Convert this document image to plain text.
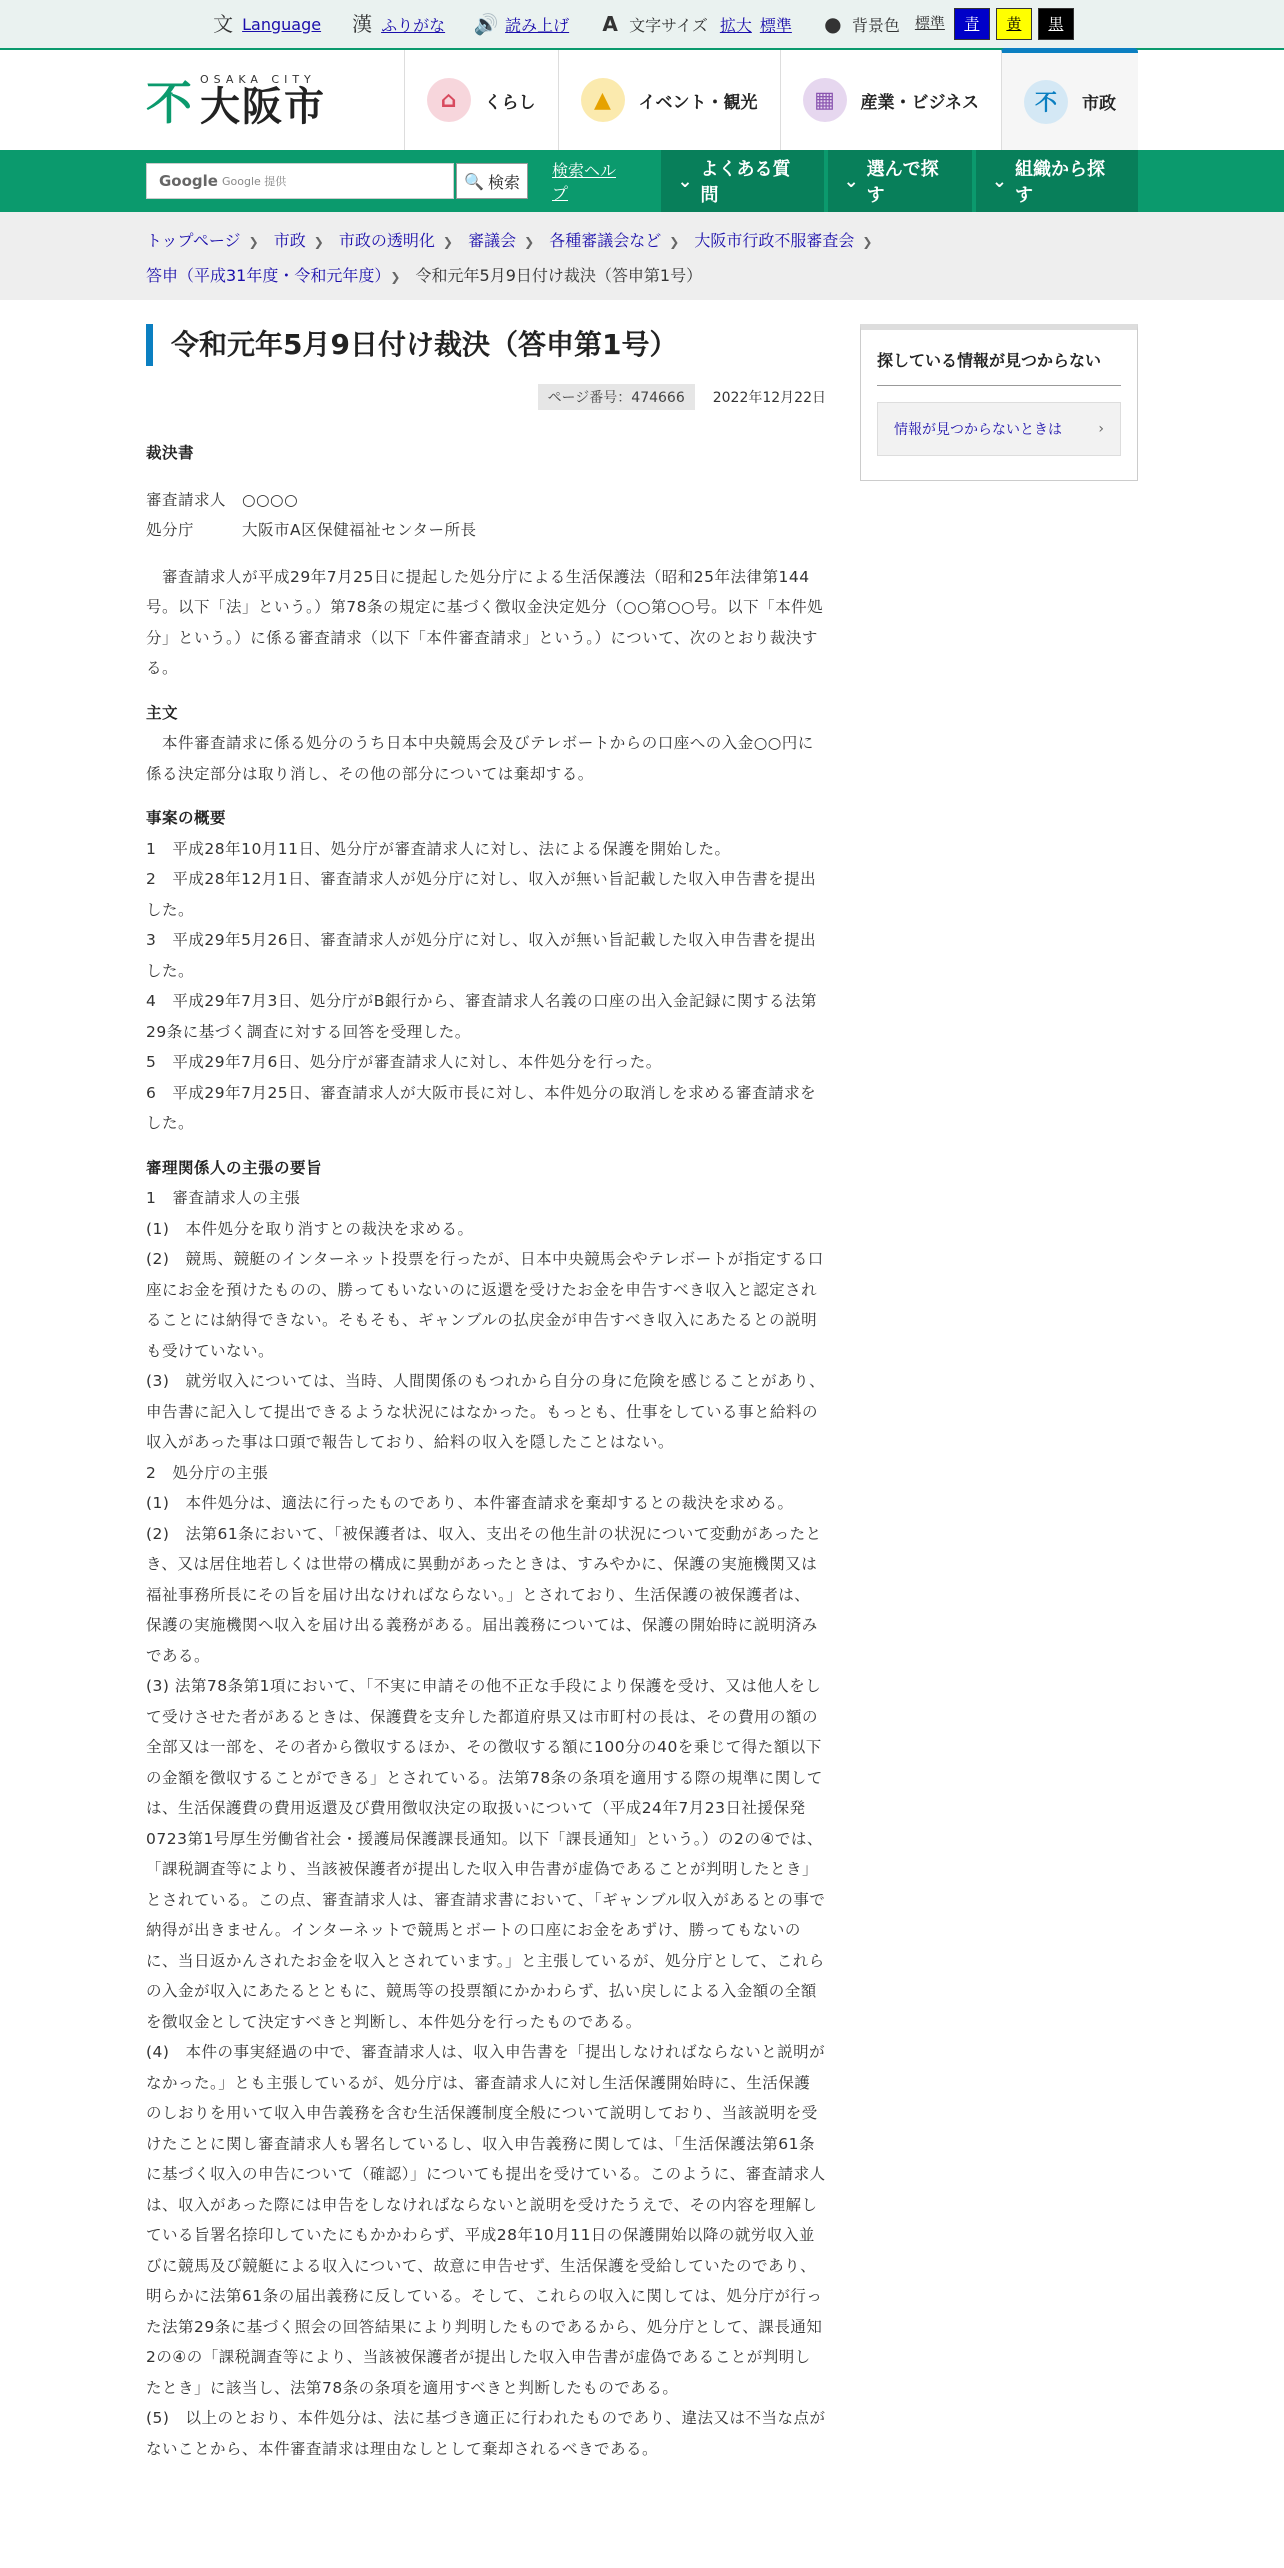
文 Language 漢 ふりがな 🔊 読み上げ A 文字サイズ 拡大 標準 ● 背景色 標準	青	黄	黒
不 OSAKA CITY
大阪市	⌂	くらし	▲	イベント・観光	▦	産業・ビジネス	不	市政
Google Google 提供	🔍 検索
検索ヘルプ
⌄
よくある質問
⌄
選んで探す
⌄
組織から探す
トップページ ❯ 市政 ❯ 市政の透明化 ❯ 審議会 ❯ 各種審議会など ❯ 大阪市行政不服審査会 ❯
答申（平成31年度・令和元年度） ❯ 令和元年5月9日付け裁決（答申第1号）
令和元年5月9日付け裁決（答申第1号）
ページ番号：474666	2022年12月22日

裁決書

審査請求人　○○○○

処分庁　　　大阪市A区保健福祉センター所長

　審査請求人が平成29年7月25日に提起した処分庁による生活保護法（昭和25年法律第144号。以下「法」という。）第78条の規定に基づく徴収金決定処分（○○第○○号。以下「本件処分」という。）に係る審査請求（以下「本件審査請求」という。）について、次のとおり裁決する。

主文

　本件審査請求に係る処分のうち日本中央競馬会及びテレボートからの口座への入金○○円に係る決定部分は取り消し、その他の部分については棄却する。

事案の概要

1　平成28年10月11日、処分庁が審査請求人に対し、法による保護を開始した。

2　平成28年12月1日、審査請求人が処分庁に対し、収入が無い旨記載した収入申告書を提出した。

3　平成29年5月26日、審査請求人が処分庁に対し、収入が無い旨記載した収入申告書を提出した。

4　平成29年7月3日、処分庁がB銀行から、審査請求人名義の口座の出入金記録に関する法第29条に基づく調査に対する回答を受理した。

5　平成29年7月6日、処分庁が審査請求人に対し、本件処分を行った。

6　平成29年7月25日、審査請求人が大阪市長に対し、本件処分の取消しを求める審査請求をした。

審理関係人の主張の要旨

1　審査請求人の主張

(1)　本件処分を取り消すとの裁決を求める。

(2)　競馬、競艇のインターネット投票を行ったが、日本中央競馬会やテレボートが指定する口座にお金を預けたものの、勝ってもいないのに返還を受けたお金を申告すべき収入と認定されることには納得できない。そもそも、ギャンブルの払戻金が申告すべき収入にあたるとの説明も受けていない。

(3)　就労収入については、当時、人間関係のもつれから自分の身に危険を感じることがあり、申告書に記入して提出できるような状況にはなかった。もっとも、仕事をしている事と給料の収入があった事は口頭で報告しており、給料の収入を隠したことはない。

2　処分庁の主張

(1)　本件処分は、適法に行ったものであり、本件審査請求を棄却するとの裁決を求める。

(2)　法第61条において、「被保護者は、収入、支出その他生計の状況について変動があったとき、又は居住地若しくは世帯の構成に異動があったときは、すみやかに、保護の実施機関又は福祉事務所長にその旨を届け出なければならない。」とされており、生活保護の被保護者は、保護の実施機関へ収入を届け出る義務がある。届出義務については、保護の開始時に説明済みである。

(3) 法第78条第1項において、「不実に申請その他不正な手段により保護を受け、又は他人をして受けさせた者があるときは、保護費を支弁した都道府県又は市町村の長は、その費用の額の全部又は一部を、その者から徴収するほか、その徴収する額に100分の40を乗じて得た額以下の金額を徴収することができる」とされている。法第78条の条項を適用する際の規準に関しては、生活保護費の費用返還及び費用徴収決定の取扱いについて（平成24年7月23日社援保発0723第1号厚生労働省社会・援護局保護課長通知。以下「課長通知」という。）の2の④では、「課税調査等により、当該被保護者が提出した収入申告書が虚偽であることが判明したとき」とされている。この点、審査請求人は、審査請求書において、「ギャンブル収入があるとの事で納得が出きません。インターネットで競馬とボートの口座にお金をあずけ、勝ってもないのに、当日返かんされたお金を収入とされています。」と主張しているが、処分庁として、これらの入金が収入にあたるとともに、競馬等の投票額にかかわらず、払い戻しによる入金額の全額を徴収金として決定すべきと判断し、本件処分を行ったものである。

(4)　本件の事実経過の中で、審査請求人は、収入申告書を「提出しなければならないと説明がなかった。」とも主張しているが、処分庁は、審査請求人に対し生活保護開始時に、生活保護のしおりを用いて収入申告義務を含む生活保護制度全般について説明しており、当該説明を受けたことに関し審査請求人も署名しているし、収入申告義務に関しては、「生活保護法第61条に基づく収入の申告について（確認）」についても提出を受けている。このように、審査請求人は、収入があった際には申告をしなければならないと説明を受けたうえで、その内容を理解している旨署名捺印していたにもかかわらず、平成28年10月11日の保護開始以降の就労収入並びに競馬及び競艇による収入について、故意に申告せず、生活保護を受給していたのであり、明らかに法第61条の届出義務に反している。そして、これらの収入に関しては、処分庁が行った法第29条に基づく照会の回答結果により判明したものであるから、処分庁として、課長通知2の④の「課税調査等により、当該被保護者が提出した収入申告書が虚偽であることが判明したとき」に該当し、法第78条の条項を適用すべきと判断したものである。

(5)　以上のとおり、本件処分は、法に基づき適正に行われたものであり、違法又は不当な点がないことから、本件審査請求は理由なしとして棄却されるべきである。

探している情報が見つからない
情報が見つからないときは	›
